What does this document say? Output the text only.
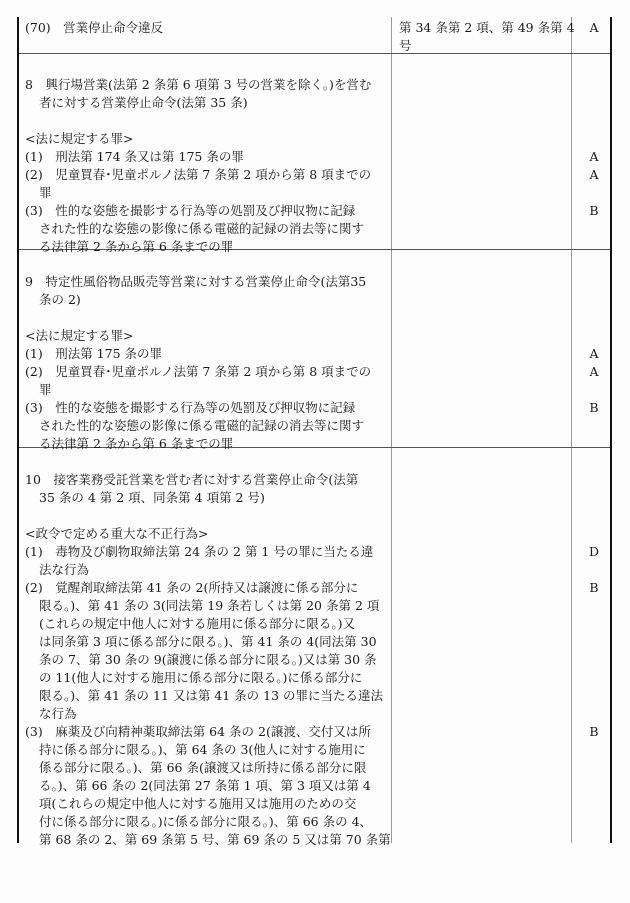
(70)　営業停止命令違反	第 34 条第 2 項、第 49 条第 4
号
A
8　興行場営業(法第 2 条第 6 項第 3 号の営業を除く。)を営む
者に対する営業停止命令(法第 35 条)
<法に規定する罪>
(1)　刑法第 174 条又は第 175 条の罪
(2)　児童買春･児童ポルノ法第 7 条第 2 項から第 8 項までの
罪
(3)　性的な姿態を撮影する行為等の処罰及び押収物に記録
された性的な姿態の影像に係る電磁的記録の消去等に関す
る法律第 2 条から第 6 条までの罪
A
A
B
9　特定性風俗物品販売等営業に対する営業停止命令(法第35
条の 2)
<法に規定する罪>
(1)　刑法第 175 条の罪
(2)　児童買春･児童ポルノ法第 7 条第 2 項から第 8 項までの
罪
(3)　性的な姿態を撮影する行為等の処罰及び押収物に記録
された性的な姿態の影像に係る電磁的記録の消去等に関す
る法律第 2 条から第 6 条までの罪
A
A
B
10　接客業務受託営業を営む者に対する営業停止命令(法第
35 条の 4 第 2 項、同条第 4 項第 2 号)
<政令で定める重大な不正行為>
(1)　毒物及び劇物取締法第 24 条の 2 第 1 号の罪に当たる違
法な行為
(2)　覚醒剤取締法第 41 条の 2(所持又は譲渡に係る部分に
限る。)、第 41 条の 3(同法第 19 条若しくは第 20 条第 2 項
(これらの規定中他人に対する施用に係る部分に限る。)又
は同条第 3 項に係る部分に限る。)、第 41 条の 4(同法第 30
条の 7、第 30 条の 9(譲渡に係る部分に限る。)又は第 30 条
の 11(他人に対する施用に係る部分に限る。)に係る部分に
限る。)、第 41 条の 11 又は第 41 条の 13 の罪に当たる違法
な行為
(3)　麻薬及び向精神薬取締法第 64 条の 2(譲渡、交付又は所
持に係る部分に限る。)、第 64 条の 3(他人に対する施用に
係る部分に限る。)、第 66 条(譲渡又は所持に係る部分に限
る。)、第 66 条の 2(同法第 27 条第 1 項、第 3 項又は第 4
項(これらの規定中他人に対する施用又は施用のための交
付に係る部分に限る。)に係る部分に限る。)、第 66 条の 4、
第 68 条の 2、第 69 条第 5 号、第 69 条の 5 又は第 70 条第
D
B
B
